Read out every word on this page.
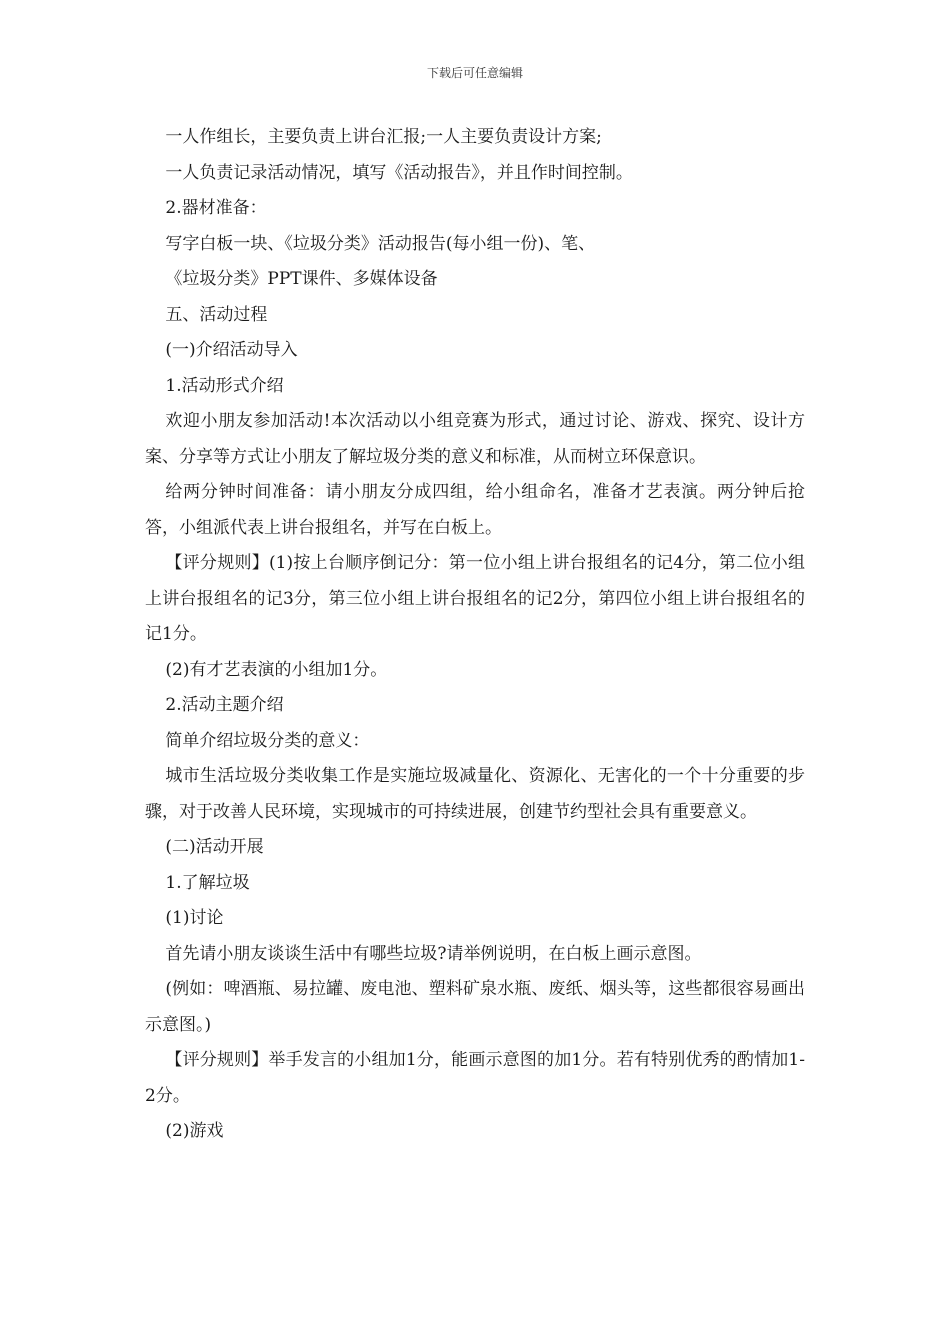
下载后可任意编辑

一人作组长，主要负责上讲台汇报;一人主要负责设计方案;

一人负责记录活动情况，填写《活动报告》，并且作时间控制。

2.器材准备：

写字白板一块、《垃圾分类》活动报告(每小组一份)、笔、

《垃圾分类》PPT课件、多媒体设备

五、活动过程

(一)介绍活动导入

1.活动形式介绍

欢迎小朋友参加活动!本次活动以小组竞赛为形式，通过讨论、游戏、探究、设计方案、分享等方式让小朋友了解垃圾分类的意义和标准，从而树立环保意识。

给两分钟时间准备：请小朋友分成四组，给小组命名，准备才艺表演。两分钟后抢答，小组派代表上讲台报组名，并写在白板上。

【评分规则】(1)按上台顺序倒记分：第一位小组上讲台报组名的记4分，第二位小组上讲台报组名的记3分，第三位小组上讲台报组名的记2分，第四位小组上讲台报组名的记1分。

(2)有才艺表演的小组加1分。

2.活动主题介绍

简单介绍垃圾分类的意义：

城市生活垃圾分类收集工作是实施垃圾减量化、资源化、无害化的一个十分重要的步骤，对于改善人民环境，实现城市的可持续进展，创建节约型社会具有重要意义。

(二)活动开展

1.了解垃圾

(1)讨论

首先请小朋友谈谈生活中有哪些垃圾?请举例说明，在白板上画示意图。

(例如：啤酒瓶、易拉罐、废电池、塑料矿泉水瓶、废纸、烟头等，这些都很容易画出示意图。)

【评分规则】举手发言的小组加1分，能画示意图的加1分。若有特别优秀的酌情加1-2分。

(2)游戏
